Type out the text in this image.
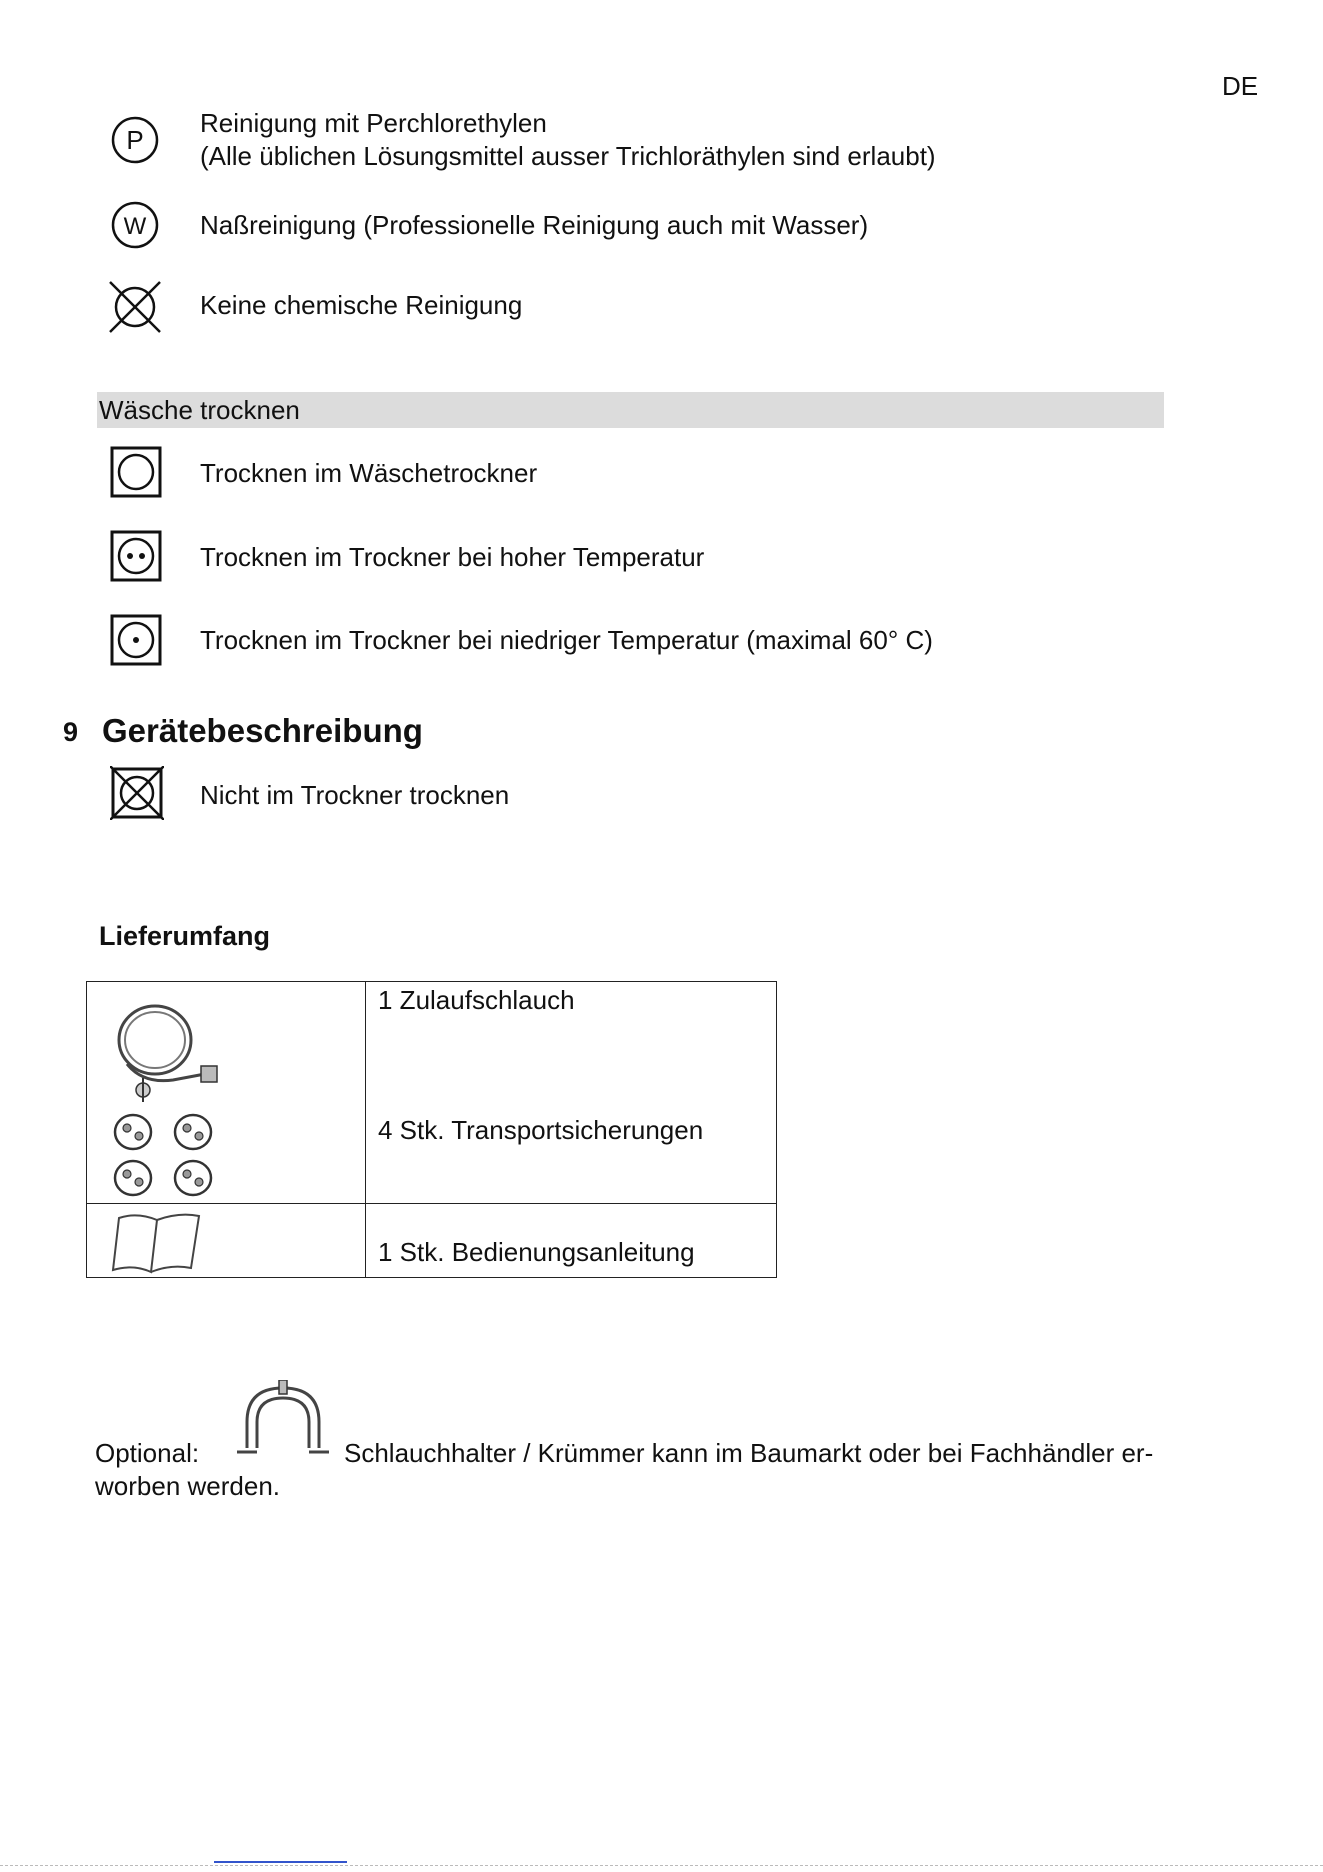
DE
P
Reinigung mit Perchlorethylen
(Alle üblichen Lösungsmittel ausser Trichloräthylen sind erlaubt)
W Naßreinigung (Professionelle Reinigung auch mit Wasser)
Keine chemische Reinigung
Wäsche trocknen
Trocknen im Wäschetrockner
Trocknen im Trockner bei hoher Temperatur
Trocknen im Trockner bei niedriger Temperatur (maximal 60° C)
9 Gerätebeschreibung
Nicht im Trockner trocknen
Lieferumfang

1 Zulaufschlauch
4 Stk. Transportsicherungen

1 Stk. Bedienungsanleitung
Optional:	Schlauchhalter / Krümmer kann im Baumarkt oder bei Fachhändler er-
worben werden.
